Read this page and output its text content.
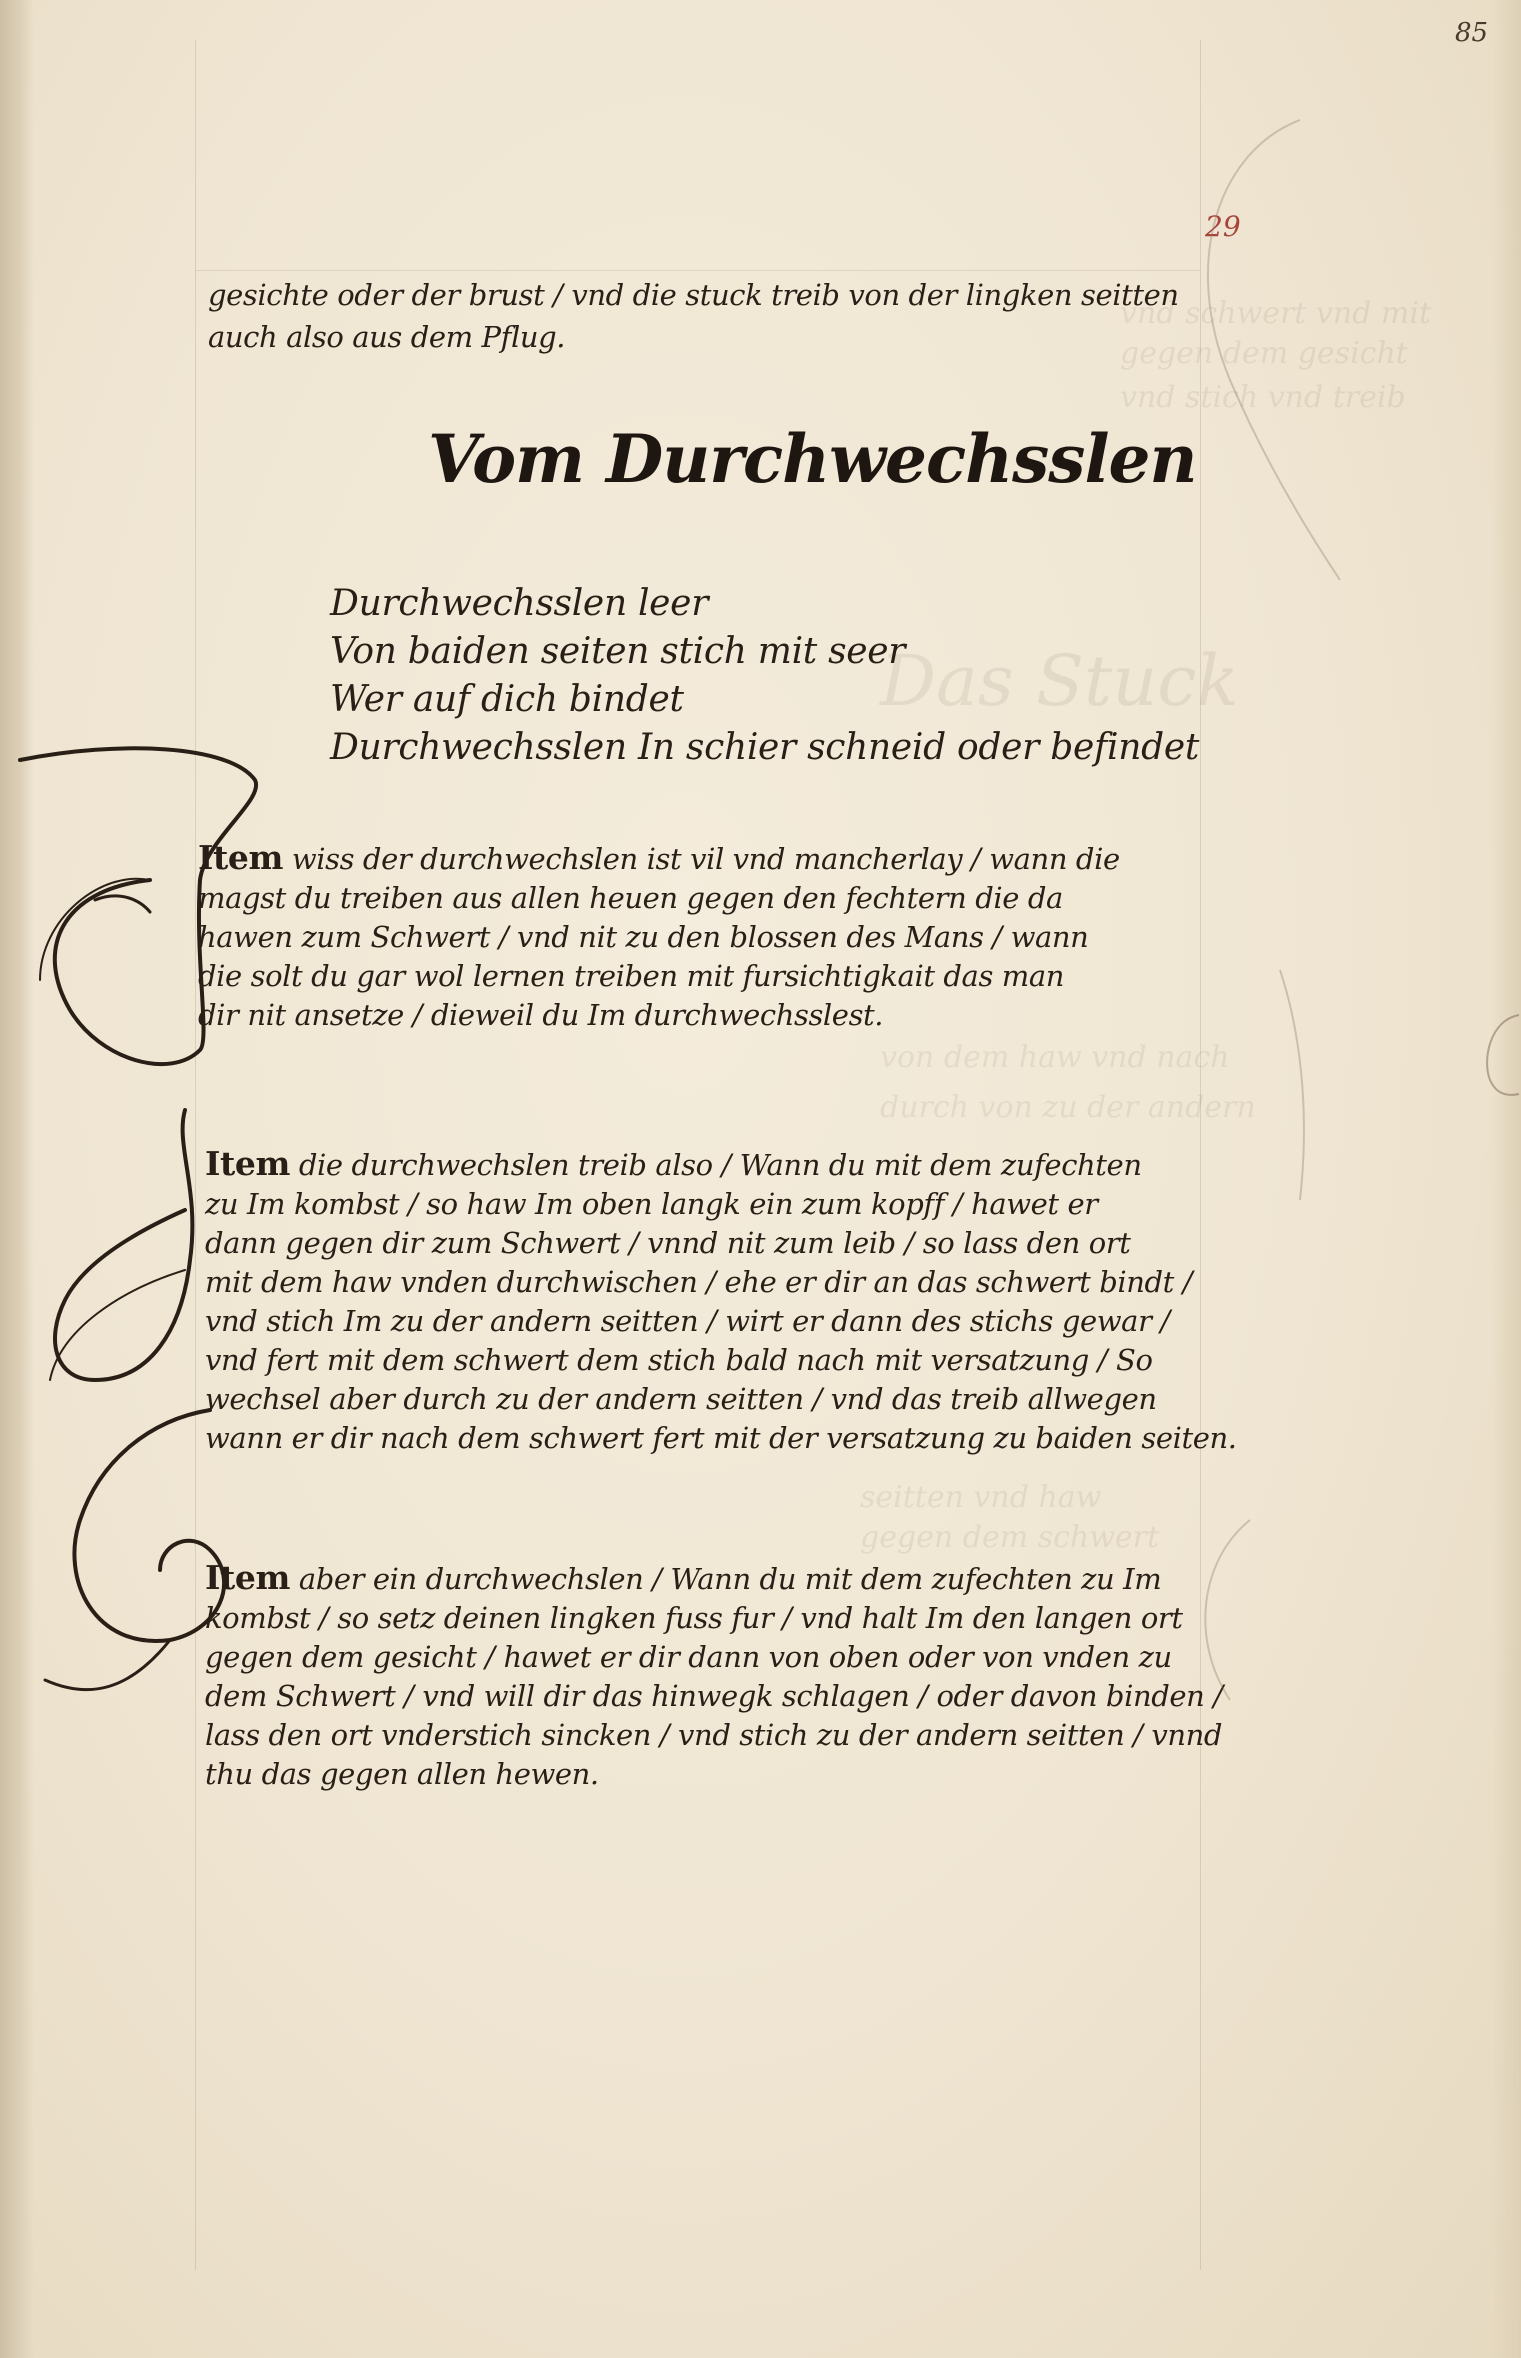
vnd schwert vnd mit
gegen dem gesicht
vnd stich vnd treib
Das Stuck
von dem haw vnd nach
durch von zu der andern
seitten vnd haw
gegen dem schwert
85
29
gesichte oder der brust / vnd die stuck treib von der lingken seitten
auch also aus dem Pflug.
Vom Durchwechsslen
Durchwechsslen leer
Von baiden seiten stich mit seer
Wer auf dich bindet
Durchwechsslen In schier schneid oder befindet
Item wiss der durchwechslen ist vil vnd mancherlay / wann die
magst du treiben aus allen heuen gegen den fechtern die da
hawen zum Schwert / vnd nit zu den blossen des Mans / wann
die solt du gar wol lernen treiben mit fursichtigkait das man
dir nit ansetze / dieweil du Im durchwechsslest.
Item die durchwechslen treib also / Wann du mit dem zufechten
zu Im kombst / so haw Im oben langk ein zum kopff / hawet er
dann gegen dir zum Schwert / vnnd nit zum leib / so lass den ort
mit dem haw vnden durchwischen / ehe er dir an das schwert bindt /
vnd stich Im zu der andern seitten / wirt er dann des stichs gewar /
vnd fert mit dem schwert dem stich bald nach mit versatzung / So
wechsel aber durch zu der andern seitten / vnd das treib allwegen
wann er dir nach dem schwert fert mit der versatzung zu baiden seiten.
Item aber ein durchwechslen / Wann du mit dem zufechten zu Im
kombst / so setz deinen lingken fuss fur / vnd halt Im den langen ort
gegen dem gesicht / hawet er dir dann von oben oder von vnden zu
dem Schwert / vnd will dir das hinwegk schlagen / oder davon binden /
lass den ort vnderstich sincken / vnd stich zu der andern seitten / vnnd
thu das gegen allen hewen.
